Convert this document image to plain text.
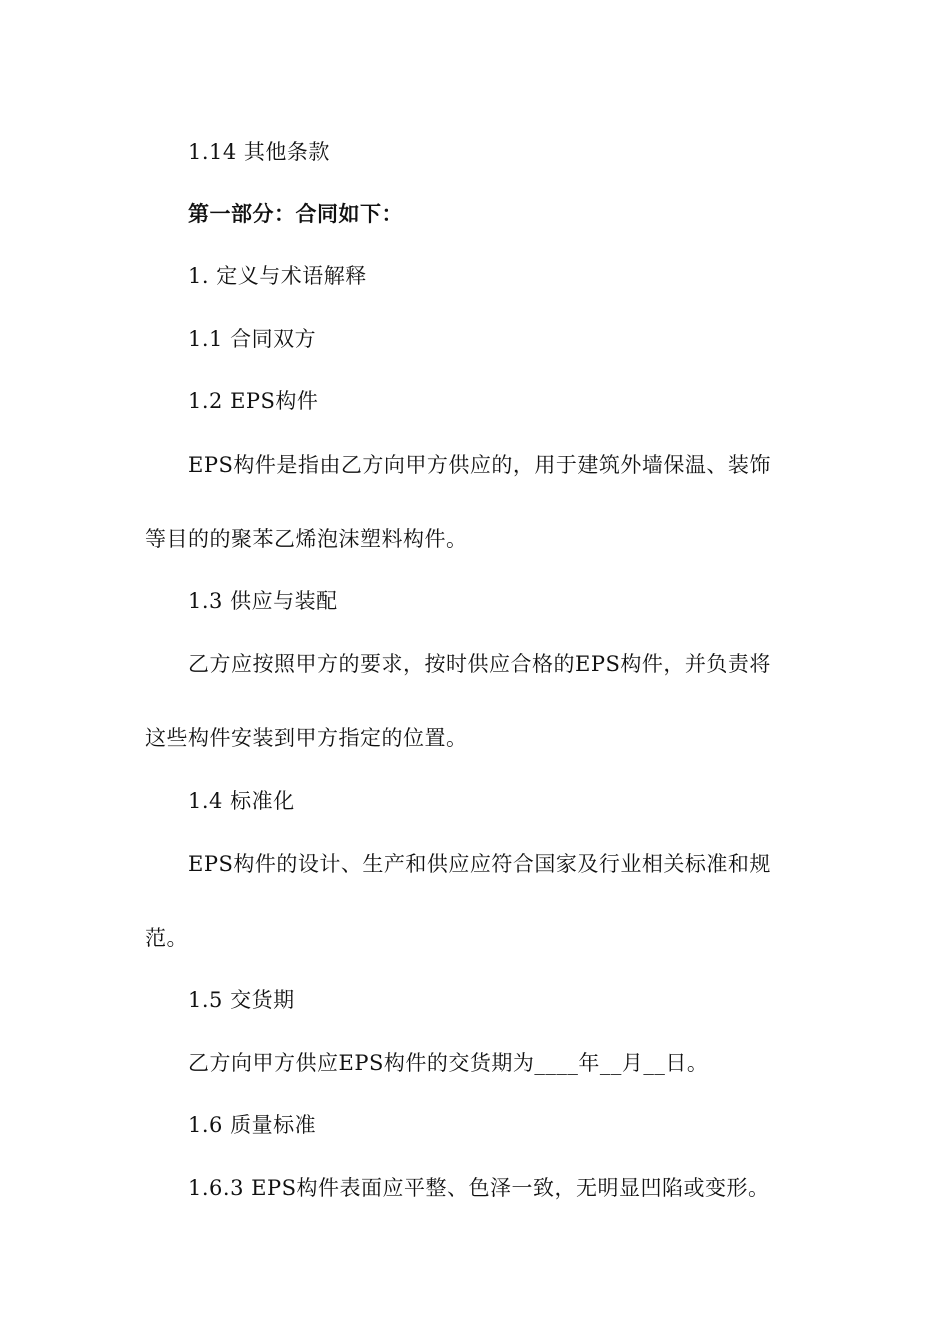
1.14 其他条款
第一部分：合同如下：
1. 定义与术语解释
1.1 合同双方
1.2 EPS构件
EPS构件是指由乙方向甲方供应的，用于建筑外墙保温、装饰
等目的的聚苯乙烯泡沫塑料构件。
1.3 供应与装配
乙方应按照甲方的要求，按时供应合格的EPS构件，并负责将
这些构件安装到甲方指定的位置。
1.4 标准化
EPS构件的设计、生产和供应应符合国家及行业相关标准和规
范。
1.5 交货期
乙方向甲方供应EPS构件的交货期为____年__月__日。
1.6 质量标准
1.6.3 EPS构件表面应平整、色泽一致，无明显凹陷或变形。
